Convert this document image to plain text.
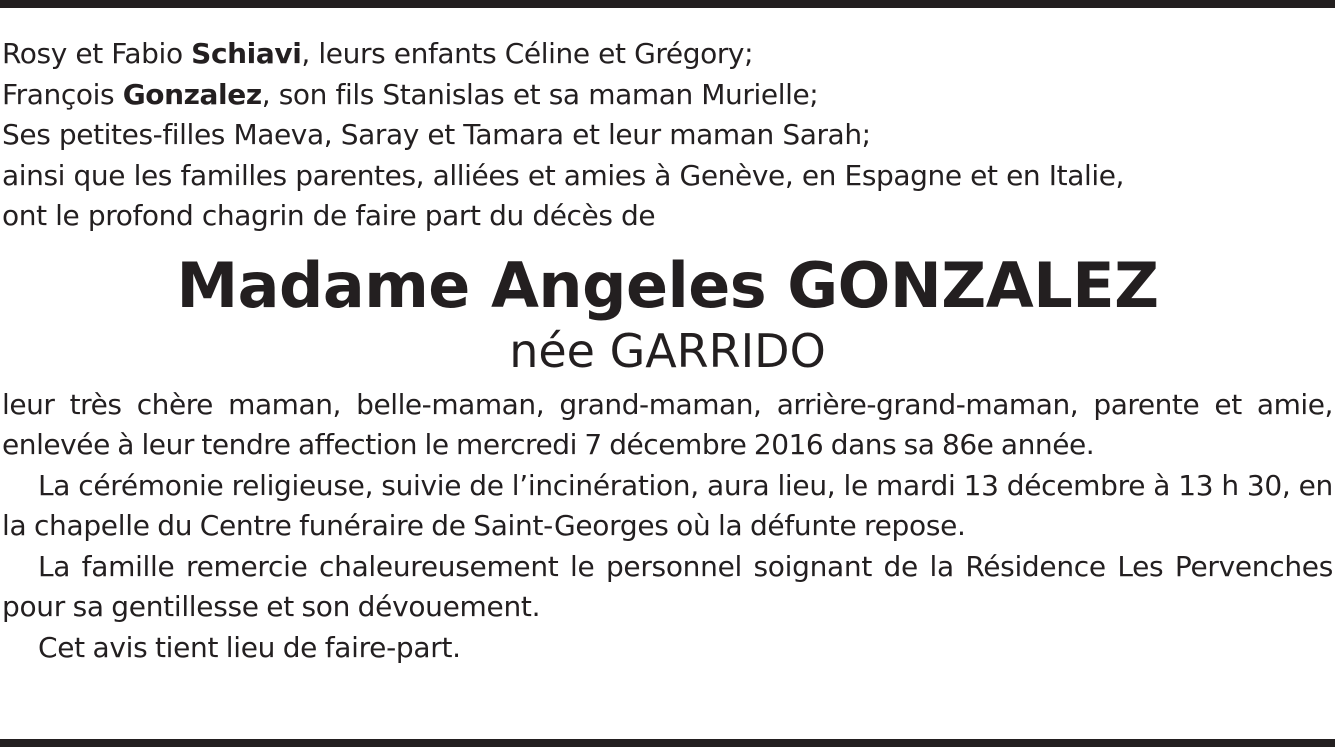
Rosy et Fabio Schiavi, leurs enfants Céline et Grégory;
François Gonzalez, son fils Stanislas et sa maman Murielle;
Ses petites-filles Maeva, Saray et Tamara et leur maman Sarah;
ainsi que les familles parentes, alliées et amies à Genève, en Espagne et en Italie,
ont le profond chagrin de faire part du décès de
Madame Angeles GONZALEZ
née GARRIDO
leur très chère maman, belle-maman, grand-maman, arrière-grand-maman, parente et amie, enlevée à leur tendre affection le mercredi 7 décembre 2016 dans sa 86e année.
La cérémonie religieuse, suivie de l’incinération, aura lieu, le mardi 13 décembre à 13 h 30, en la chapelle du Centre funéraire de Saint-Georges où la défunte repose.
La famille remercie chaleureusement le personnel soignant de la Résidence Les Pervenches pour sa gentillesse et son dévouement.
Cet avis tient lieu de faire-part.
